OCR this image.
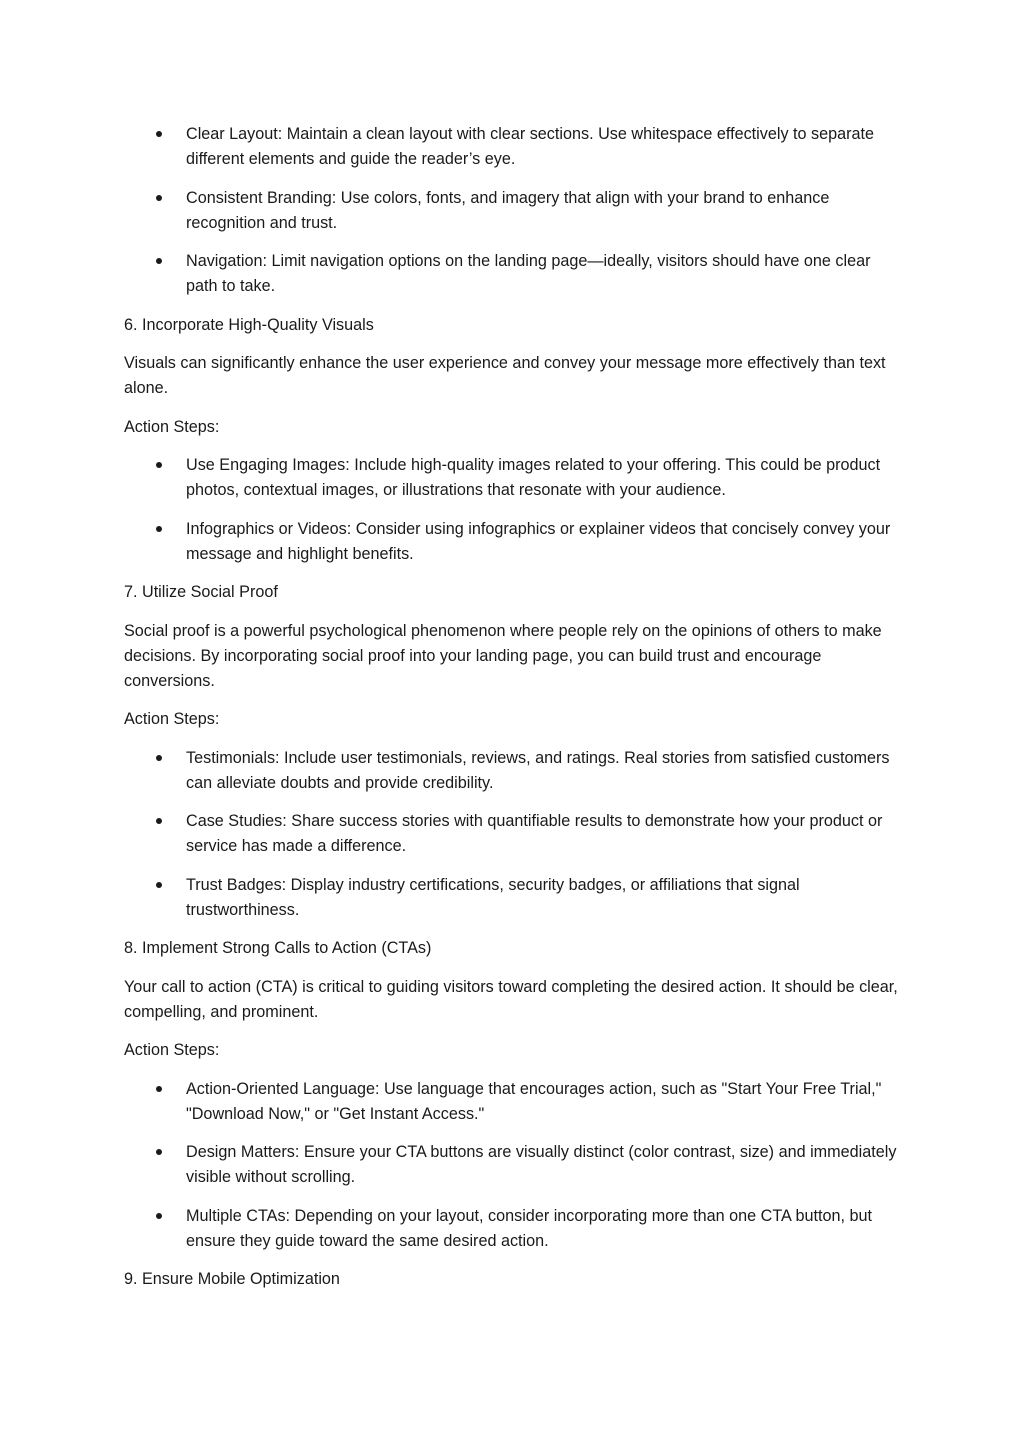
Clear Layout: Maintain a clean layout with clear sections. Use whitespace effectively to separate different elements and guide the reader’s eye.
Consistent Branding: Use colors, fonts, and imagery that align with your brand to enhance recognition and trust.
Navigation: Limit navigation options on the landing page—ideally, visitors should have one clear path to take.

6. Incorporate High-Quality Visuals

Visuals can significantly enhance the user experience and convey your message more effectively than text alone.

Action Steps:

Use Engaging Images: Include high-quality images related to your offering. This could be product photos, contextual images, or illustrations that resonate with your audience.
Infographics or Videos: Consider using infographics or explainer videos that concisely convey your message and highlight benefits.

7. Utilize Social Proof

Social proof is a powerful psychological phenomenon where people rely on the opinions of others to make decisions. By incorporating social proof into your landing page, you can build trust and encourage conversions.

Action Steps:

Testimonials: Include user testimonials, reviews, and ratings. Real stories from satisfied customers can alleviate doubts and provide credibility.
Case Studies: Share success stories with quantifiable results to demonstrate how your product or service has made a difference.
Trust Badges: Display industry certifications, security badges, or affiliations that signal trustworthiness.

8. Implement Strong Calls to Action (CTAs)

Your call to action (CTA) is critical to guiding visitors toward completing the desired action. It should be clear, compelling, and prominent.

Action Steps:

Action-Oriented Language: Use language that encourages action, such as "Start Your Free Trial," "Download Now," or "Get Instant Access."
Design Matters: Ensure your CTA buttons are visually distinct (color contrast, size) and immediately visible without scrolling.
Multiple CTAs: Depending on your layout, consider incorporating more than one CTA button, but ensure they guide toward the same desired action.

9. Ensure Mobile Optimization
